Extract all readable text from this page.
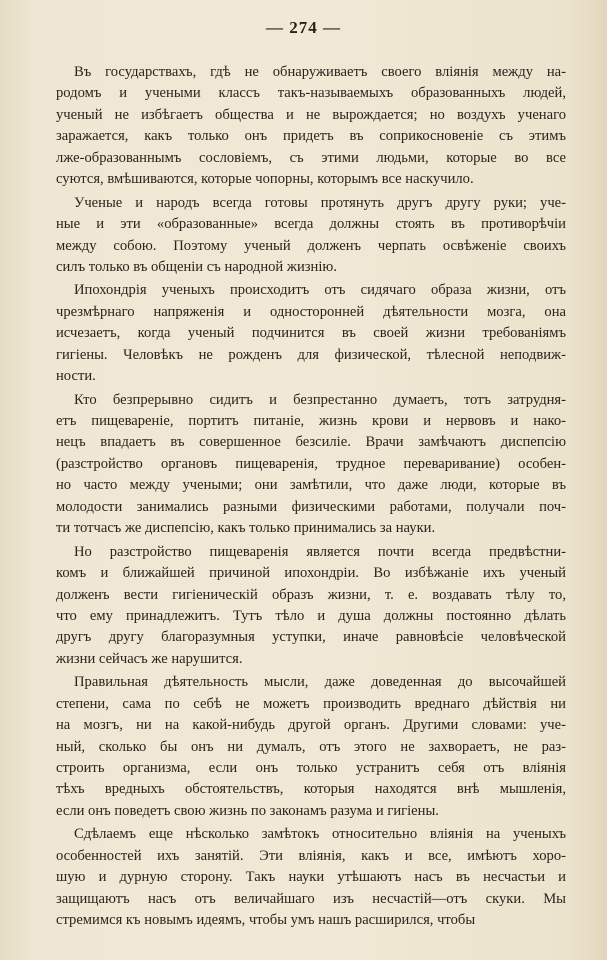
— 274 —
Въ государствахъ, гдѣ не обнаруживаетъ своего вліянія между на-
родомъ и учеными классъ такъ-называемыхъ образованныхъ людей,
ученый не избѣгаетъ общества и не вырождается; но воздухъ ученаго
заражается, какъ только онъ придетъ въ соприкосновеніе съ этимъ
лже-образованнымъ сословіемъ, съ этими людьми, которые во все
суются, вмѣшиваются, которые чопорны, которымъ все наскучило.
Ученые и народъ всегда готовы протянуть другъ другу руки; уче-
ные и эти «образованные» всегда должны стоять въ противорѣчіи
между собою. Поэтому ученый долженъ черпать освѣженіе своихъ
силъ только въ общеніи съ народной жизнію.
Ипохондрія ученыхъ происходитъ отъ сидячаго образа жизни, отъ
чрезмѣрнаго напряженія и односторонней дѣятельности мозга, она
исчезаетъ, когда ученый подчинится въ своей жизни требованіямъ
гигіены. Человѣкъ не рожденъ для физической, тѣлесной неподвиж-
ности.
Кто безпрерывно сидитъ и безпрестанно думаетъ, тотъ затрудня-
етъ пищевареніе, портитъ питаніе, жизнь крови и нервовъ и нако-
нецъ впадаетъ въ совершенное безсиліе. Врачи замѣчаютъ диспепсію
(разстройство органовъ пищеваренія, трудное переваривание) особен-
но часто между учеными; они замѣтили, что даже люди, которые въ
молодости занимались разными физическими работами, получали поч-
ти тотчасъ же диспепсію, какъ только принимались за науки.
Но разстройство пищеваренія является почти всегда предвѣстни-
комъ и ближайшей причиной ипохондріи. Во избѣжаніе ихъ ученый
долженъ вести гигіеническій образъ жизни, т. е. воздавать тѣлу то,
что ему принадлежитъ. Тутъ тѣло и душа должны постоянно дѣлать
другъ другу благоразумныя уступки, иначе равновѣсіе человѣческой
жизни сейчасъ же нарушится.
Правильная дѣятельность мысли, даже доведенная до высочайшей
степени, сама по себѣ не можетъ производить вреднаго дѣйствія ни
на мозгъ, ни на какой-нибудь другой органъ. Другими словами: уче-
ный, сколько бы онъ ни думалъ, отъ этого не захвораетъ, не раз-
строить организма, если онъ только устранитъ себя отъ вліянія
тѣхъ вредныхъ обстоятельствъ, которыя находятся внѣ мышленія,
если онъ поведетъ свою жизнь по законамъ разума и гигіены.
Сдѣлаемъ еще нѣсколько замѣтокъ относительно вліянія на ученыхъ
особенностей ихъ занятій. Эти вліянія, какъ и все, имѣютъ хоро-
шую и дурную сторону. Такъ науки утѣшаютъ насъ въ несчастьи и
защищаютъ насъ отъ величайшаго изъ несчастій—отъ скуки. Мы
стремимся къ новымъ идеямъ, чтобы умъ нашъ расширился, чтобы
